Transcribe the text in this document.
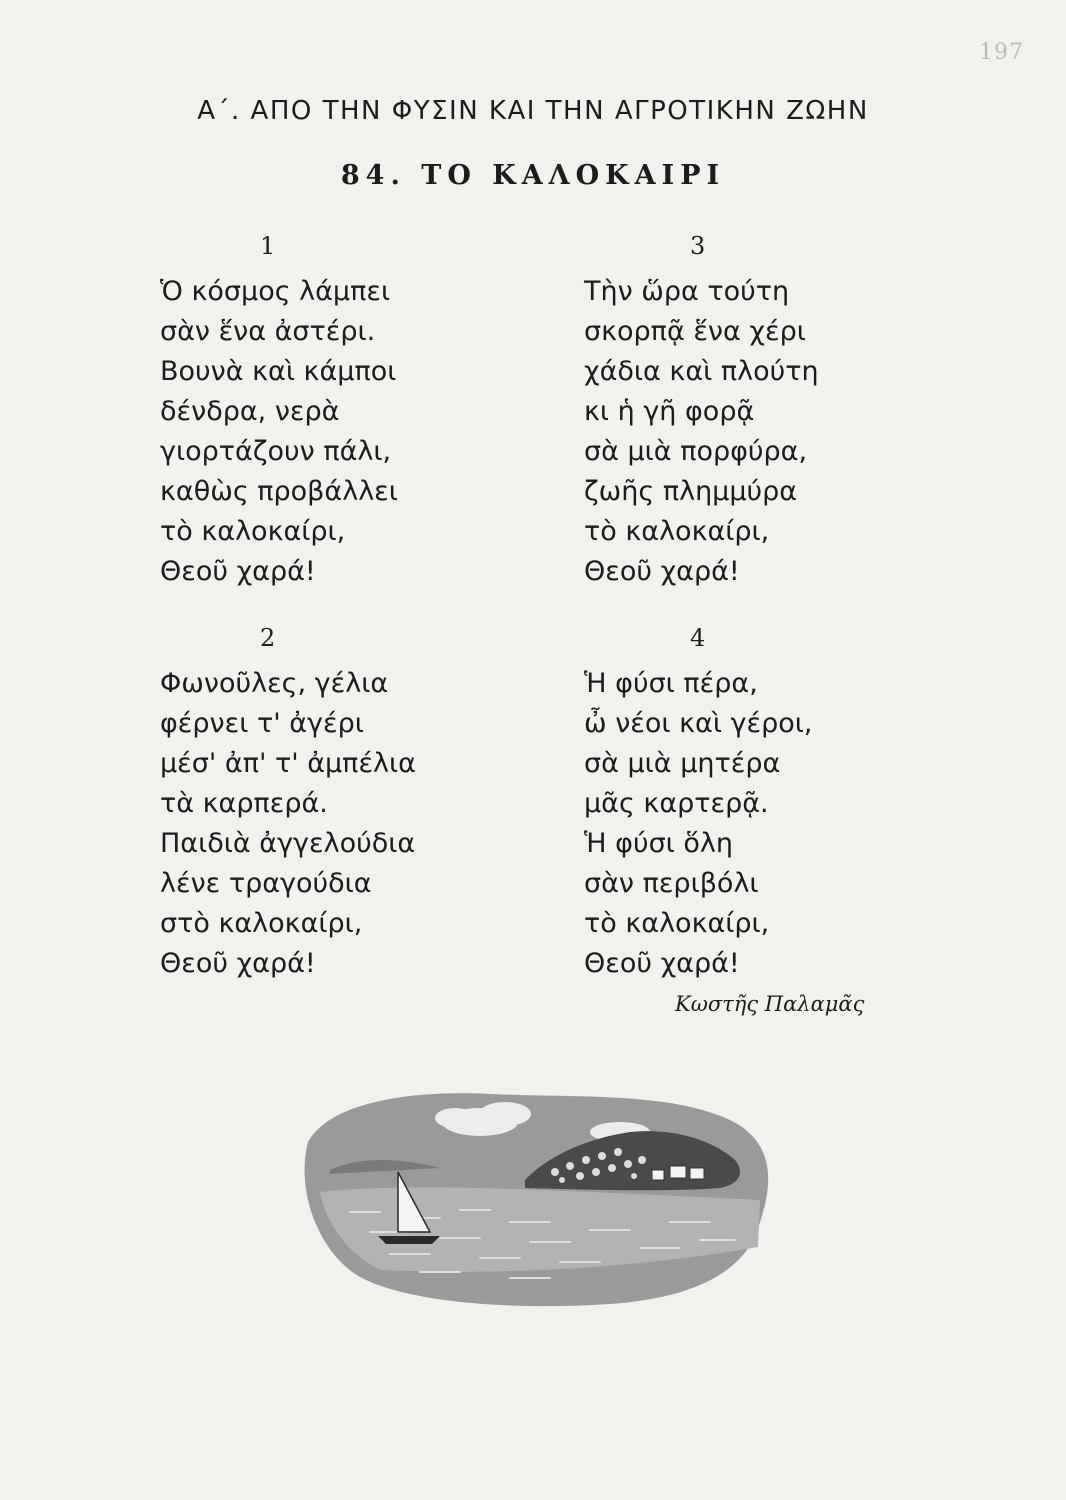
197
Α΄. ΑΠΟ ΤΗΝ ΦΥΣΙΝ ΚΑΙ ΤΗΝ ΑΓΡΟΤΙΚΗΝ ΖΩΗΝ
84. ΤΟ ΚΑΛΟΚΑΙΡΙ
1
Ὁ κόσμος λάμπει
σὰν ἕνα ἀστέρι.
Βουνὰ καὶ κάμποι
δένδρα, νερὰ
γιορτάζουν πάλι,
καθὼς προβάλλει
τὸ καλοκαίρι,
Θεοῦ χαρά!
2
Φωνοῦλες, γέλια
φέρνει τ' ἀγέρι
μέσ' ἀπ' τ' ἀμπέλια
τὰ καρπερά.
Παιδιὰ ἀγγελούδια
λένε τραγούδια
στὸ καλοκαίρι,
Θεοῦ χαρά!
3
Τὴν ὥρα τούτη
σκορπᾷ ἕνα χέρι
χάδια καὶ πλούτη
κι ἡ γῆ φορᾷ
σὰ μιὰ πορφύρα,
ζωῆς πλημμύρα
τὸ καλοκαίρι,
Θεοῦ χαρά!
4
Ἡ φύσι πέρα,
ὦ νέοι καὶ γέροι,
σὰ μιὰ μητέρα
μᾶς καρτερᾷ.
Ἡ φύσι ὅλη
σὰν περιβόλι
τὸ καλοκαίρι,
Θεοῦ χαρά!
Κωστῆς Παλαμᾶς
